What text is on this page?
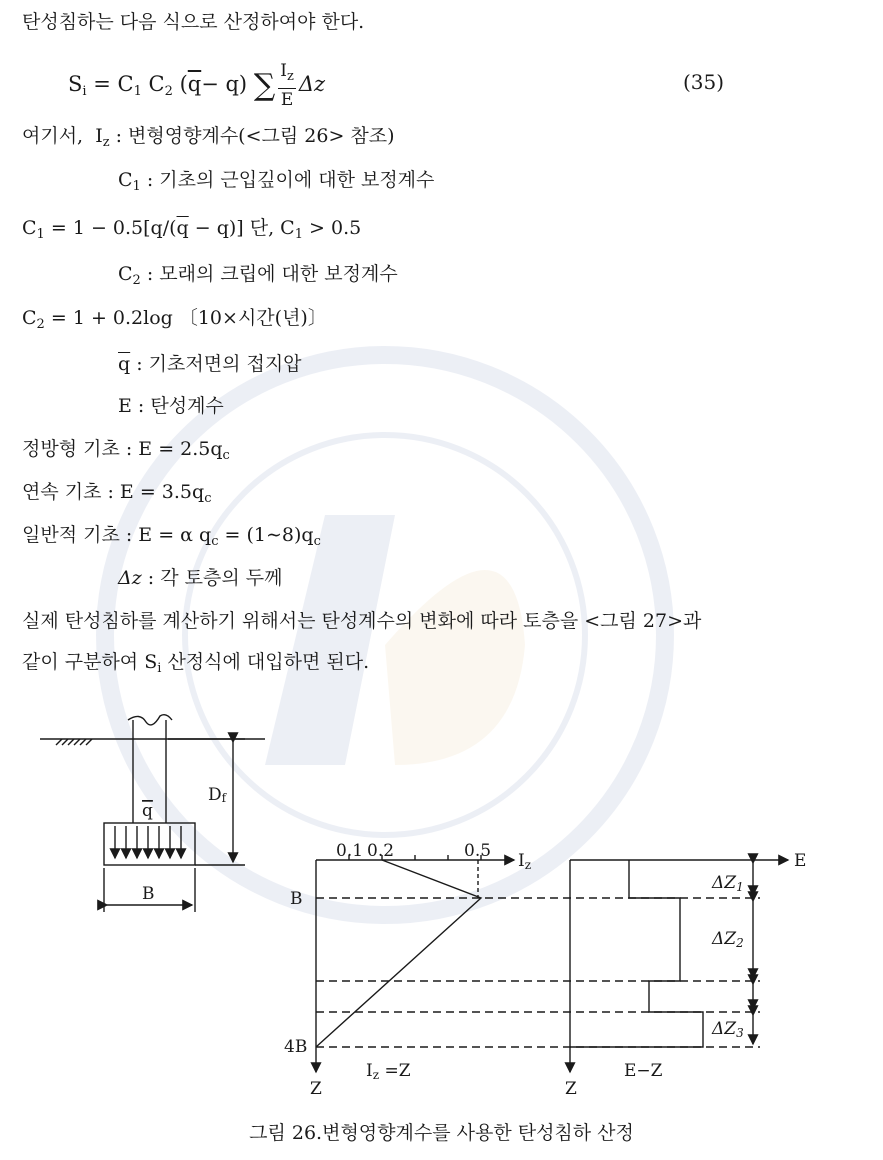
탄성침하는 다음 식으로 산정하여야 한다.
$S_i = C_1$ $C_2$ $(\overline{q}- q)$ ∑ $\frac{I_z}{E}$ Δz	(35)
여기서, $I_z$ : 변형영향계수(<그림 26> 참조)
$C_1$ : 기초의 근입깊이에 대한 보정계수
$C_1 = 1 - 0.5[q/(\overline{q} - q)]$ 단, $C_1 > 0.5$
$C_2$ : 모래의 크립에 대한 보정계수
$C_2 = 1 + 0.2\log$ 〔10×시간(년)〕
$\overline{q}$ : 기초저면의 접지압
E : 탄성계수
정방형 기초 : $E = 2.5q_c$
연속 기초 : $E = 3.5q_c$
일반적 기초 : E = α $q_c$ = $(1\sim 8)q_c$
Δz : 각 토층의 두께
실제 탄성침하를 계산하기 위해서는 탄성계수의 변화에 따라 토층을 <그림 27>과
같이 구분하여 $S_i$ 산정식에 대입하면 된다.
q
Df
B
0.1 0.2	0.5 Iz
B
4B
Z	Z
Iz =Z	E−Z
E
ΔZ1
ΔZ2
ΔZ3
그림 26.변형영향계수를 사용한 탄성침하 산정
